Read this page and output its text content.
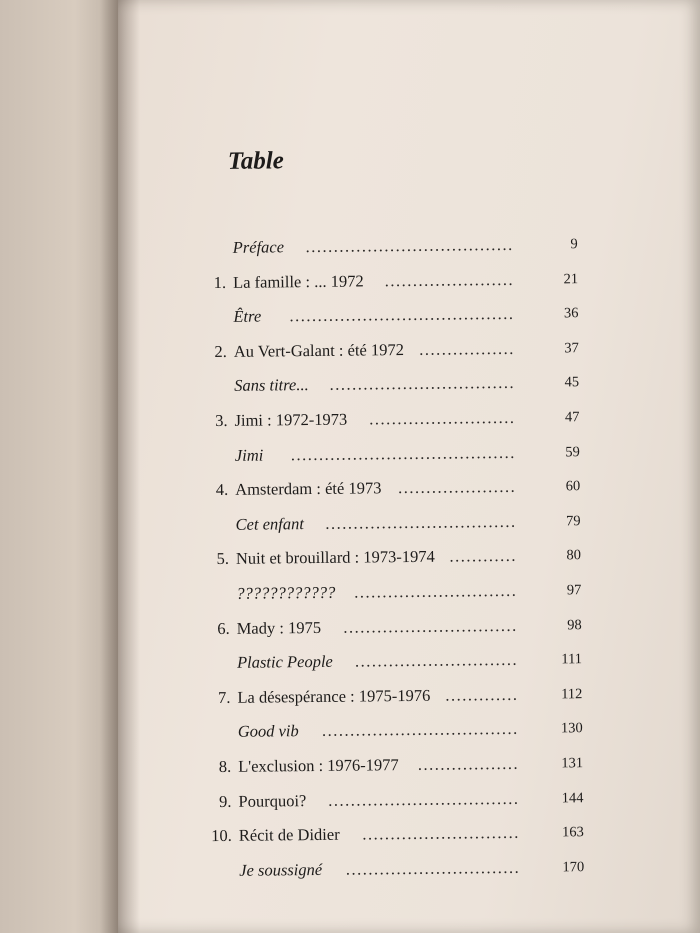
Table
Préface	.....................................	9
1. La famille : ... 1972	.......................	21
Être	........................................	36
2. Au Vert-Galant : été 1972 .................	37
Sans titre...	.................................	45
3. Jimi : 1972-1973	..........................	47
Jimi	........................................	59
4. Amsterdam : été 1973	.....................	60
Cet enfant	..................................	79
5. Nuit et brouillard : 1973-1974 ............	80
????????????	.............................	97
6. Mady : 1975	...............................	98
Plastic People	.............................	111
7. La désespérance : 1975-1976 .............	112
Good vib	...................................	130
8. L'exclusion : 1976-1977	..................	131
9. Pourquoi?	..................................	144
10. Récit de Didier	............................	163
Je soussigné	...............................	170
